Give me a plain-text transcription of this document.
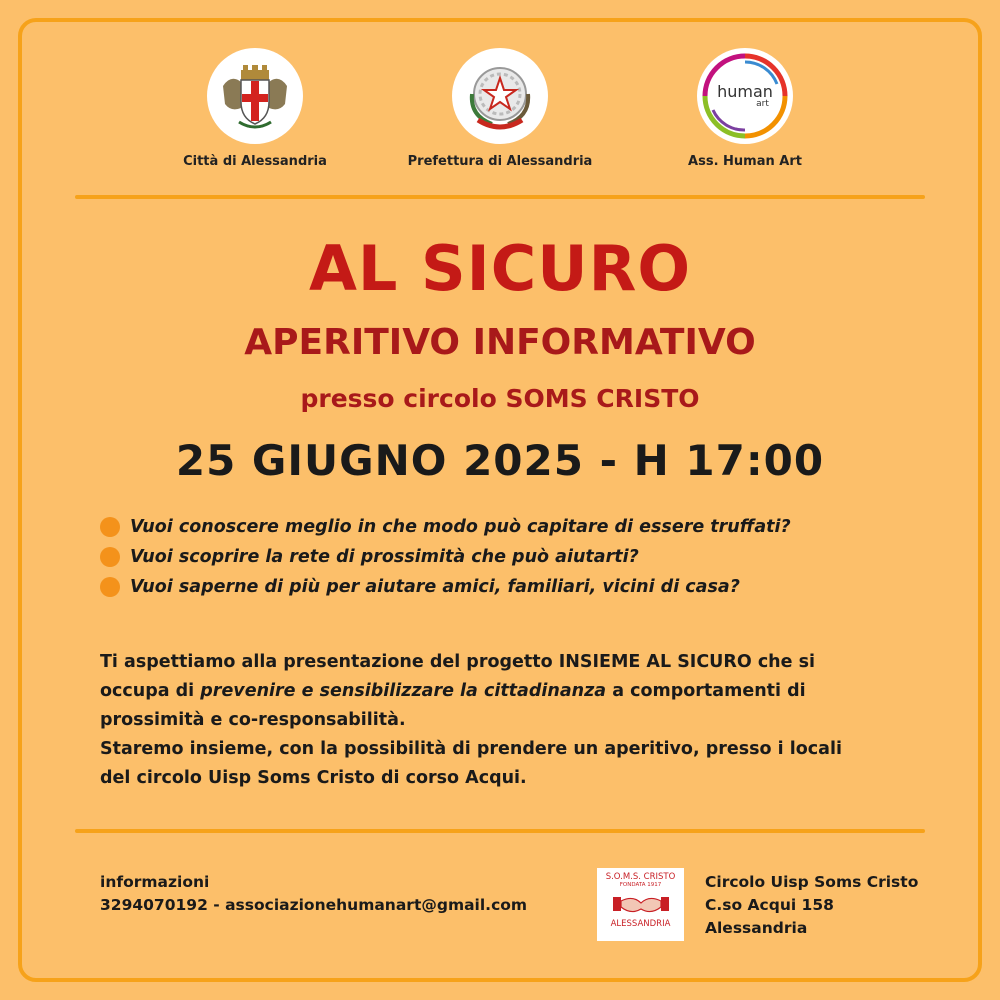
Città di Alessandria	Prefettura di Alessandria
human
art
Ass. Human Art
AL SICURO
APERITIVO INFORMATIVO
presso circolo SOMS CRISTO
25 GIUGNO 2025 - H 17:00
Vuoi conoscere meglio in che modo può capitare di essere truffati?
Vuoi scoprire la rete di prossimità che può aiutarti?
Vuoi saperne di più per aiutare amici, familiari, vicini di casa?

Ti aspettiamo alla presentazione del progetto INSIEME AL SICURO che si

occupa di prevenire e sensibilizzare la cittadinanza a comportamenti di

prossimità e co-responsabilità.

Staremo insieme, con la possibilità di prendere un aperitivo, presso i locali

del circolo Uisp Soms Cristo di corso Acqui.

informazioni
3294070192 - associazionehumanart@gmail.com
S.O.M.S. CRISTO
FONDATA 1917
ALESSANDRIA
Circolo Uisp Soms Cristo
C.so Acqui 158
Alessandria
